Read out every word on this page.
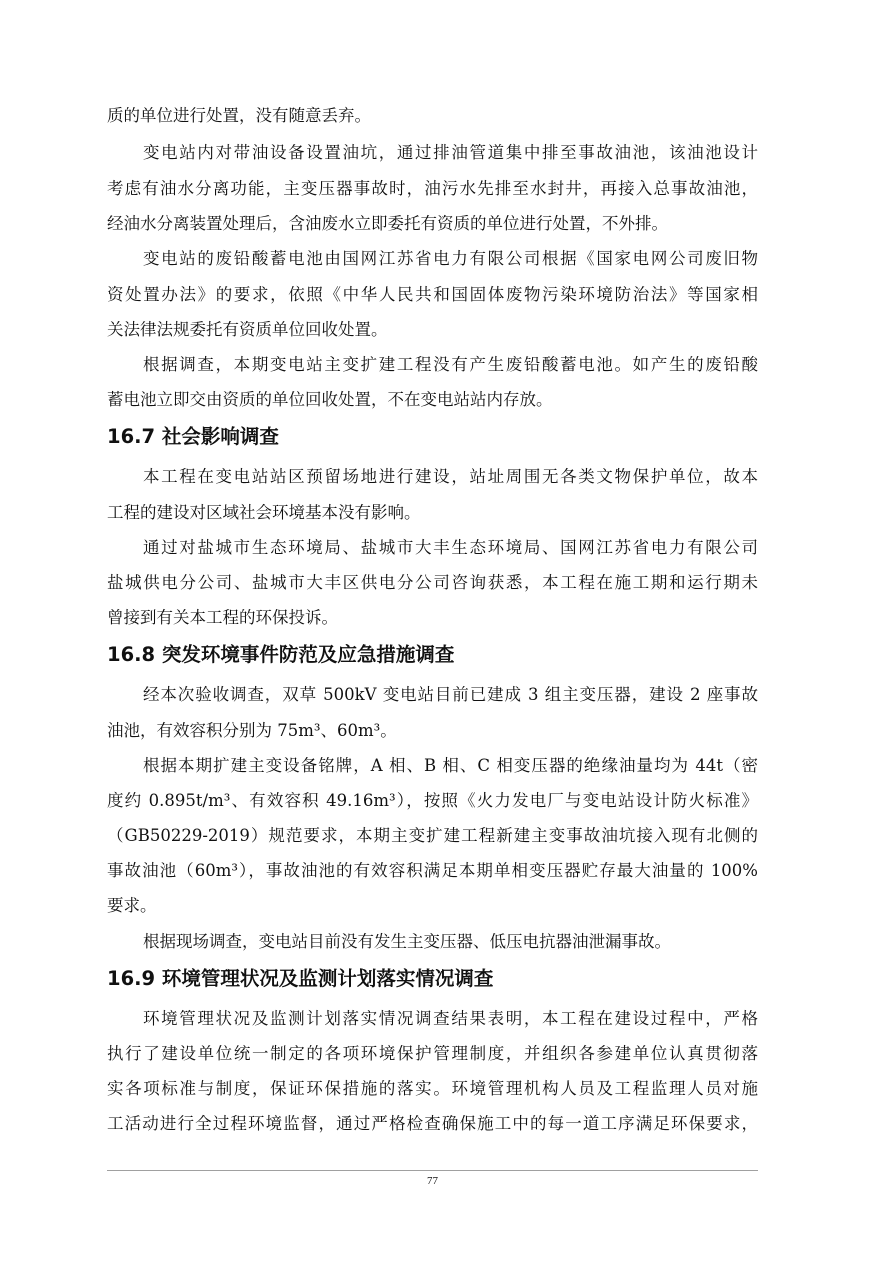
质的单位进行处置，没有随意丢弃。
变电站内对带油设备设置油坑，通过排油管道集中排至事故油池，该油池设计
考虑有油水分离功能，主变压器事故时，油污水先排至水封井，再接入总事故油池，
经油水分离装置处理后，含油废水立即委托有资质的单位进行处置，不外排。
变电站的废铅酸蓄电池由国网江苏省电力有限公司根据《国家电网公司废旧物
资处置办法》的要求，依照《中华人民共和国固体废物污染环境防治法》等国家相
关法律法规委托有资质单位回收处置。
根据调查，本期变电站主变扩建工程没有产生废铅酸蓄电池。如产生的废铅酸
蓄电池立即交由资质的单位回收处置，不在变电站站内存放。
16.7 社会影响调查
本工程在变电站站区预留场地进行建设，站址周围无各类文物保护单位，故本
工程的建设对区域社会环境基本没有影响。
通过对盐城市生态环境局、盐城市大丰生态环境局、国网江苏省电力有限公司
盐城供电分公司、盐城市大丰区供电分公司咨询获悉，本工程在施工期和运行期未
曾接到有关本工程的环保投诉。
16.8 突发环境事件防范及应急措施调查
经本次验收调查，双草 500kV 变电站目前已建成 3 组主变压器，建设 2 座事故
油池，有效容积分别为 75m³、60m³。
根据本期扩建主变设备铭牌，A 相、B 相、C 相变压器的绝缘油量均为 44t（密
度约 0.895t/m³、有效容积 49.16m³），按照《火力发电厂与变电站设计防火标准》
（GB50229-2019）规范要求，本期主变扩建工程新建主变事故油坑接入现有北侧的
事故油池（60m³），事故油池的有效容积满足本期单相变压器贮存最大油量的 100%
要求。
根据现场调查，变电站目前没有发生主变压器、低压电抗器油泄漏事故。
16.9 环境管理状况及监测计划落实情况调查
环境管理状况及监测计划落实情况调查结果表明，本工程在建设过程中，严格
执行了建设单位统一制定的各项环境保护管理制度，并组织各参建单位认真贯彻落
实各项标准与制度，保证环保措施的落实。环境管理机构人员及工程监理人员对施
工活动进行全过程环境监督，通过严格检查确保施工中的每一道工序满足环保要求，
77
